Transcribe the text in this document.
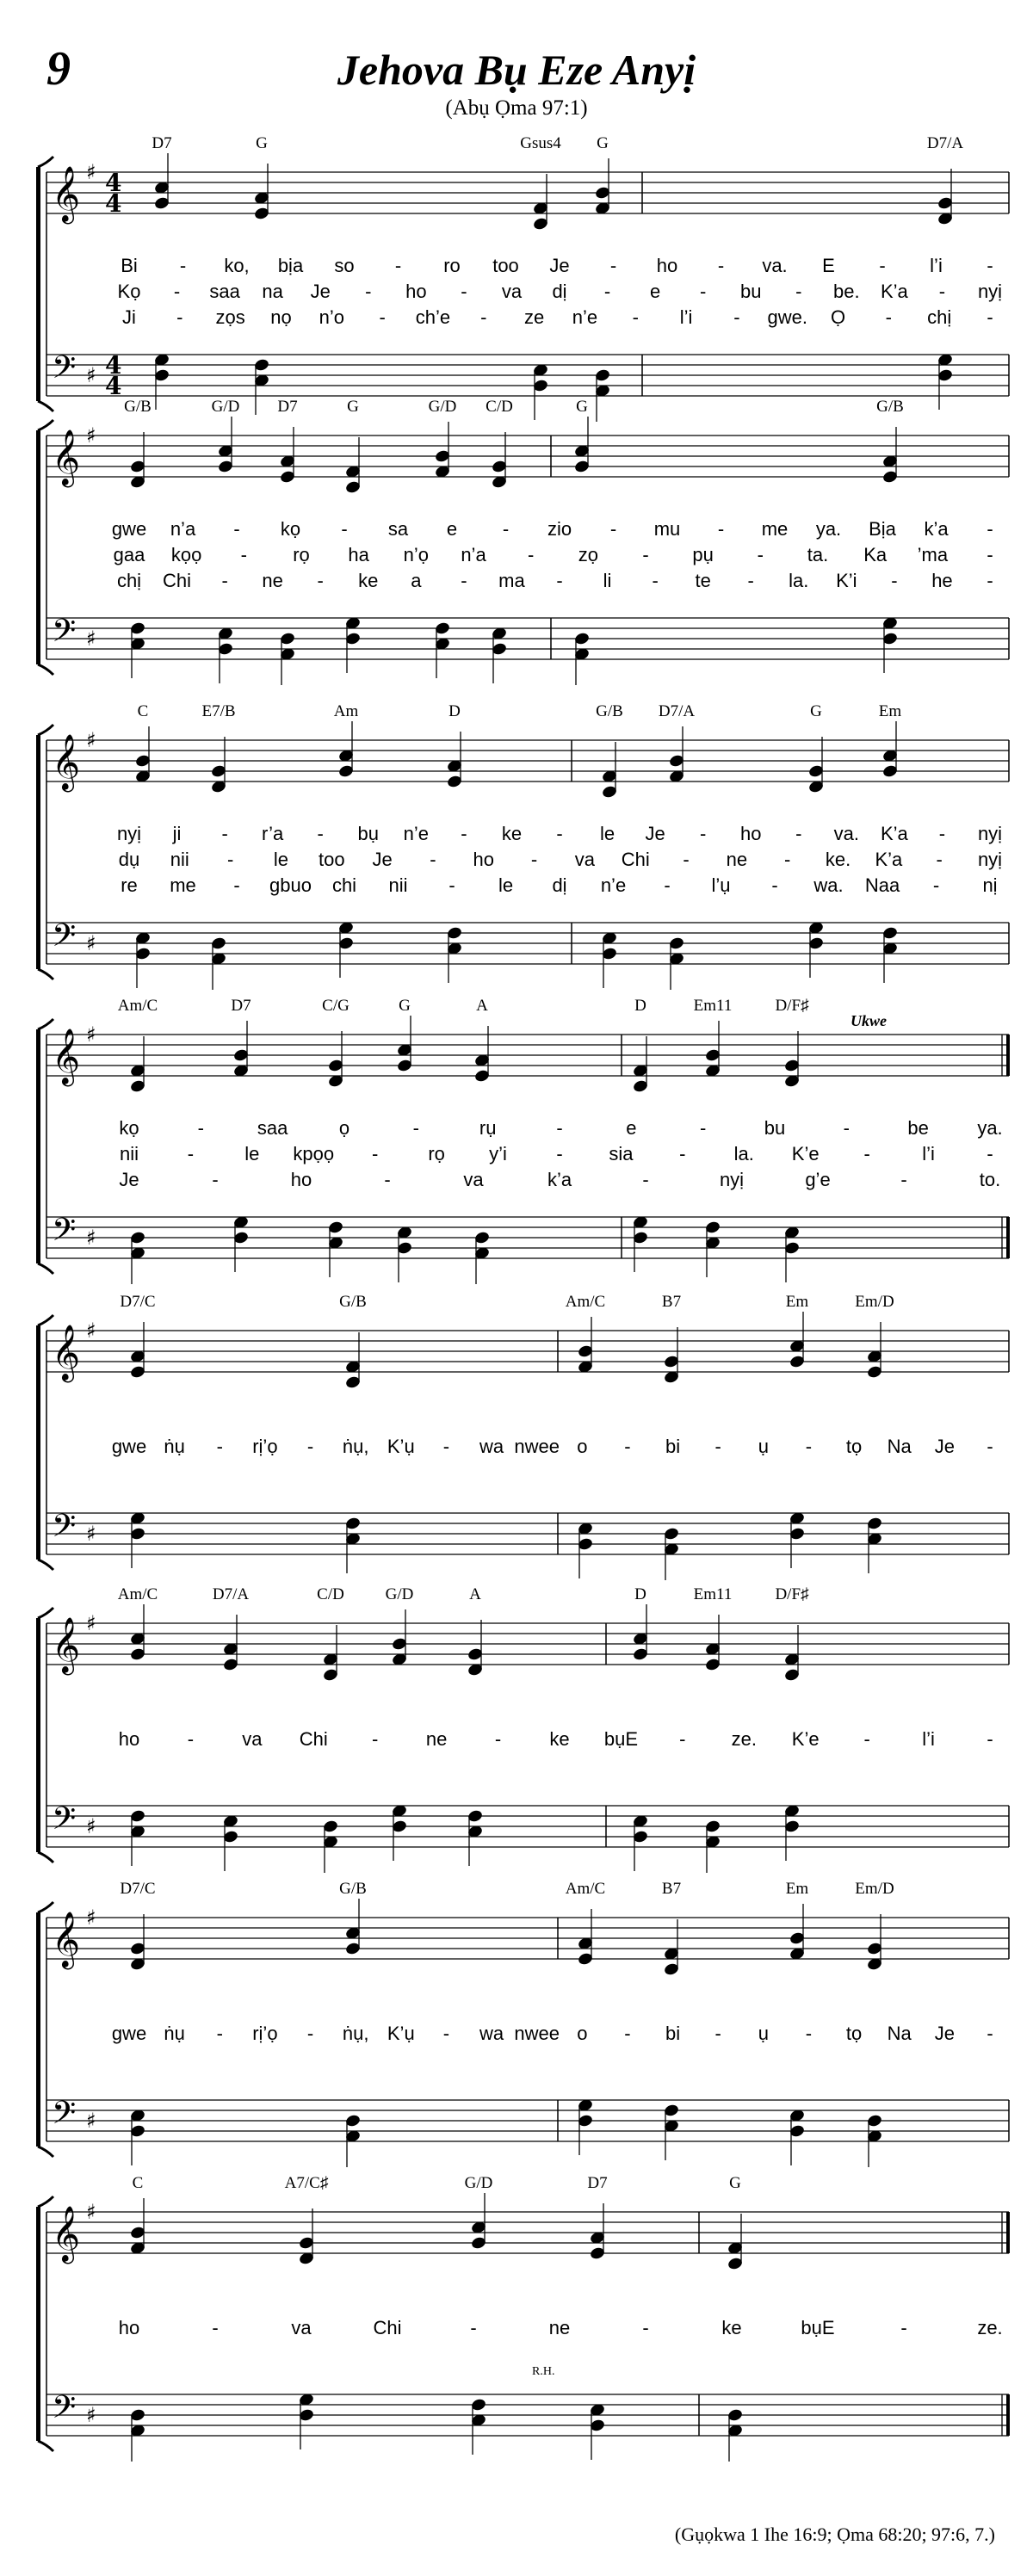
9	Jehova Bụ Eze Anyị
(Abụ Ọma 97:1)
𝄞
𝄢
♯
♯
4
4
4
4
D7	G	Gsus4 G	D7/A
Bi - ko, bịa so - ro too Je - ho - va. E - l’i -
Kọ - saa na Je - ho - va dị - e - bu - be. K’a - nyị
Ji - zọs nọ n’o - ch’e - ze n’e - l’i - gwe. Ọ - chị -
𝄞
𝄢
♯
♯
G/B	G/D D7	G	G/D C/D	G	G/B
gwe n’a - kọ - sa e - zio - mu - me ya. Bịa k’a -
gaa kọọ - rọ ha n’ọ n’a - zọ - pụ - ta. Ka ’ma -
chị Chi - ne - ke a - ma - li - te - la. K’i - he -
𝄞
𝄢
♯
♯
C	E7/B	Am	D	G/B D7/A	G	Em
nyị ji - r’a - bụ n’e - ke - le Je - ho - va. K’a - nyị
dụ nii - le too Je - ho - va Chi - ne - ke. K’a - nyị
re me - gbuo chi nii - le dị n’e - l’ụ - wa. Naa - nị
𝄞
𝄢
♯
♯
Am/C	D7	C/G	G	A	D	Em11	D/F♯
Ukwe
kọ	-	saa	ọ	-	rụ	-	e	-	bu	-	be	ya.
nii	-	le kpọọ -	rọ y’i	- sia -	la. K’e -	l’i	-
Je	-	ho	-	va	k’a	-	nyị	g’e	-	to.
𝄞
𝄢
♯
♯
D7/C	G/B	Am/C	B7	Em	Em/D
gwe ṅụ - rị’ọ - ṅụ, K’ụ - wa nwee o - bi - ụ - tọ Na Je -
𝄞
𝄢
♯
♯
Am/C	D7/A	C/D	G/D	A	D	Em11	D/F♯
ho	-	va Chi -	ne	-	ke bụE - ze. K’e -	l’i	-
𝄞
𝄢
♯
♯
D7/C	G/B	Am/C	B7	Em	Em/D
gwe ṅụ - rị’ọ - ṅụ, K’ụ - wa nwee o - bi - ụ - tọ Na Je -
𝄞
𝄢
♯
♯
C	A7/C♯	G/D	D7	G
R.H.
ho	-	va	Chi	-	ne	-	ke	bụE	-	ze.
(Gụọkwa 1 Ihe 16:9; Ọma 68:20; 97:6, 7.)
